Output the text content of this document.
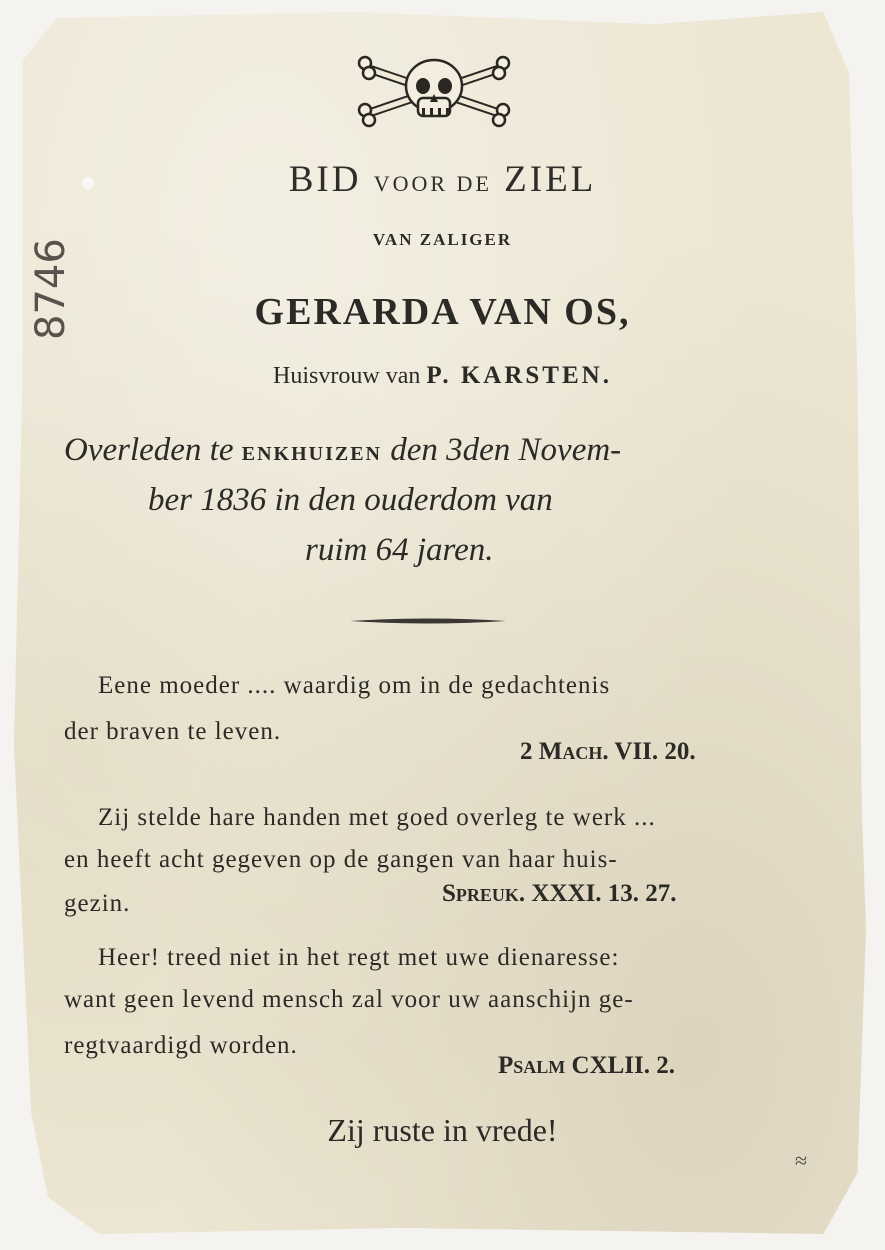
8746
BID VOOR DE ZIEL
VAN ZALIGER
GERARDA VAN OS,
Huisvrouw van P. KARSTEN.
Overleden te ENKHUIZEN den 3den Novem-
ber 1836 in den ouderdom van
ruim 64 jaren.
Eene moeder .... waardig om in de gedachtenis
der braven te leven.
2 Mach. VII. 20.
Zij stelde hare handen met goed overleg te werk ...
en heeft acht gegeven op de gangen van haar huis-
gezin.	Spreuk. XXXI. 13. 27.
Heer! treed niet in het regt met uwe dienaresse:
want geen levend mensch zal voor uw aanschijn ge-
regtvaardigd worden.
Psalm CXLII. 2.
Zij ruste in vrede!
≈
